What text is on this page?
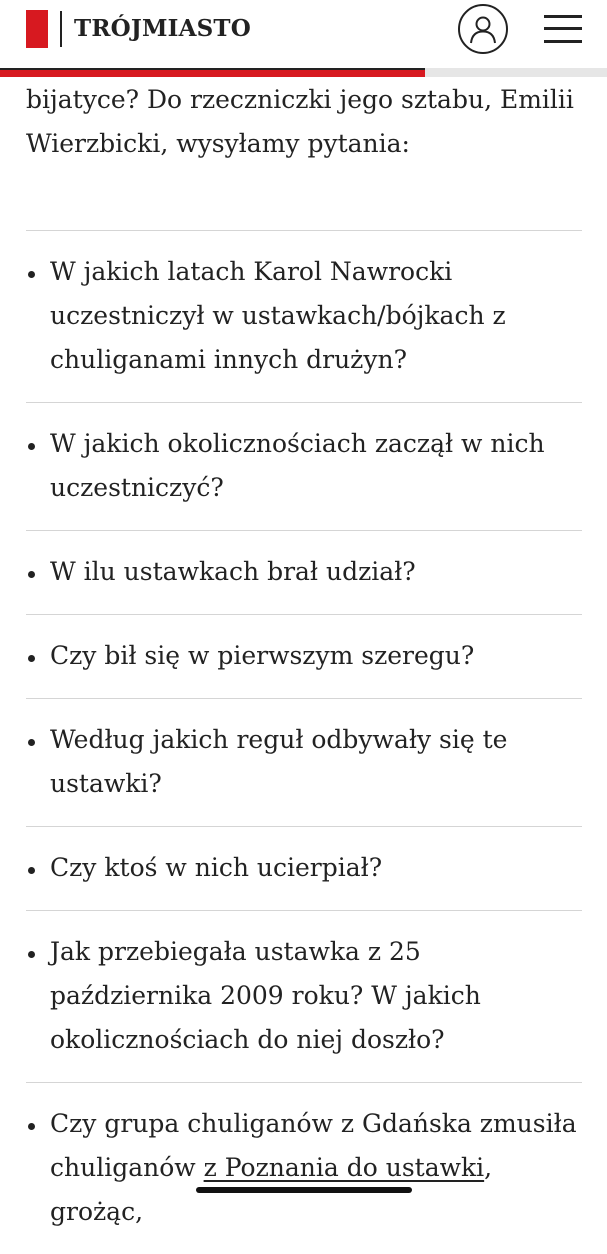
TRÓJMIASTO

bijatyce? Do rzeczniczki jego sztabu, Emilii Wierzbicki, wysyłamy pytania:

W jakich latach Karol Nawrocki uczestniczył w ustawkach/bójkach z chuliganami innych drużyn?
W jakich okolicznościach zaczął w nich uczestniczyć?
W ilu ustawkach brał udział?
Czy bił się w pierwszym szeregu?
Według jakich reguł odbywały się te ustawki?
Czy ktoś w nich ucierpiał?
Jak przebiegała ustawka z 25 października 2009 roku? W jakich okolicznościach do niej doszło?
Czy grupa chuliganów z Gdańska zmusiła chuliganów z Poznania do ustawki, grożąc,
